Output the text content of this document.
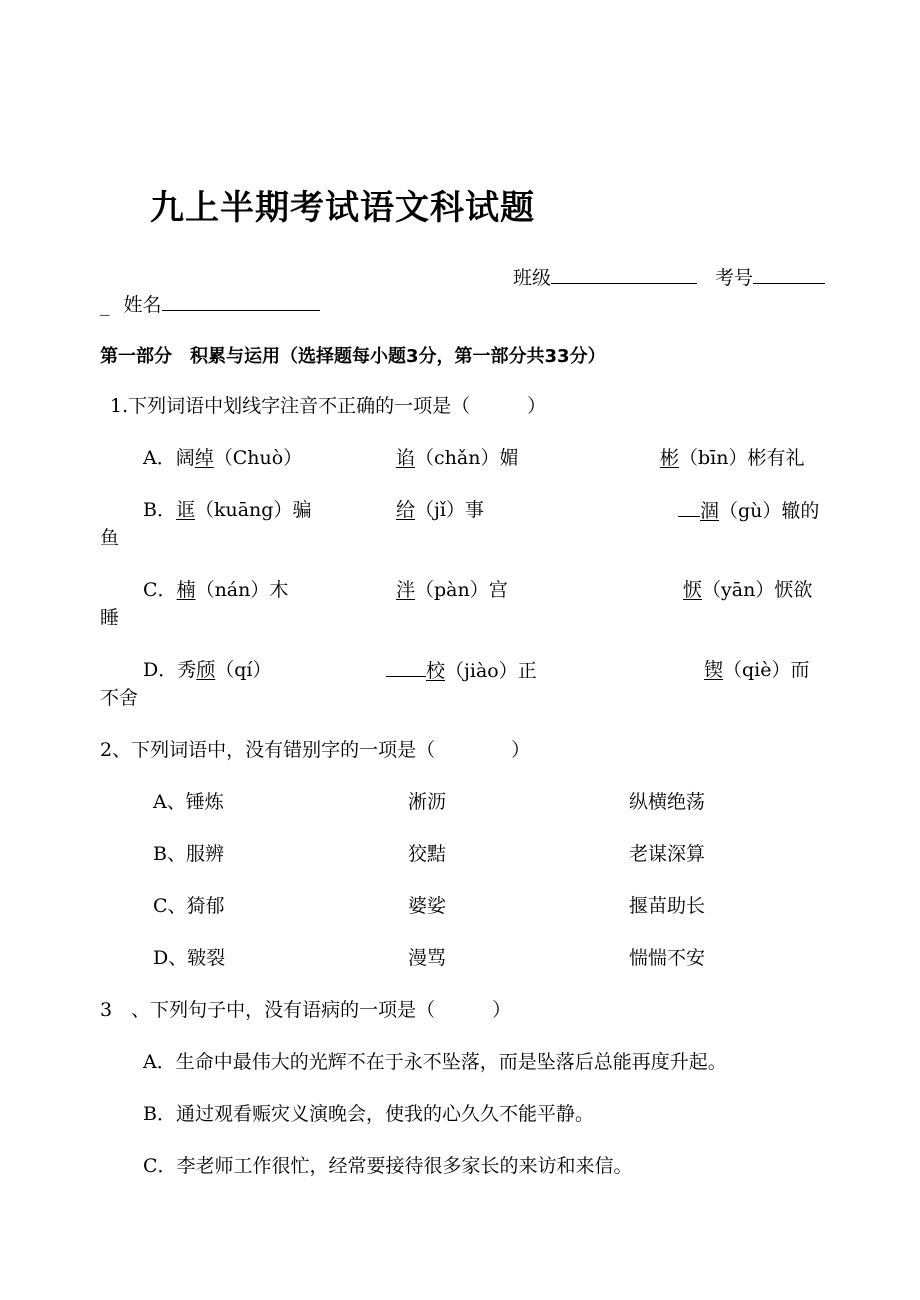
九上半期考试语文科试题
班级	考号
_ 姓名
第一部分　积累与运用（选择题每小题3分，第一部分共33分）
1.下列词语中划线字注音不正确的一项是（　　　）
A．阔绰（Chuò）	谄（chǎn）媚	彬（bīn）彬有礼
B．诓（kuāng）骗	给（jǐ）事	涸（gù）辙的
鱼
C．楠（nán）木	泮（pàn）宫	恹（yān）恹欲
睡
D．秀颀（qí）	校（jiào）正	锲（qiè）而
不舍
2、下列词语中，没有错别字的一项是（　　　　）
A、锤炼	淅沥	纵横绝荡
B、服辨	狡黠	老谋深算
C、猗郁	婆娑	揠苗助长
D、皲裂	漫骂	惴惴不安
3　、下列句子中，没有语病的一项是（　　　）
A．生命中最伟大的光辉不在于永不坠落，而是坠落后总能再度升起。
B．通过观看赈灾义演晚会，使我的心久久不能平静。
C．李老师工作很忙，经常要接待很多家长的来访和来信。
